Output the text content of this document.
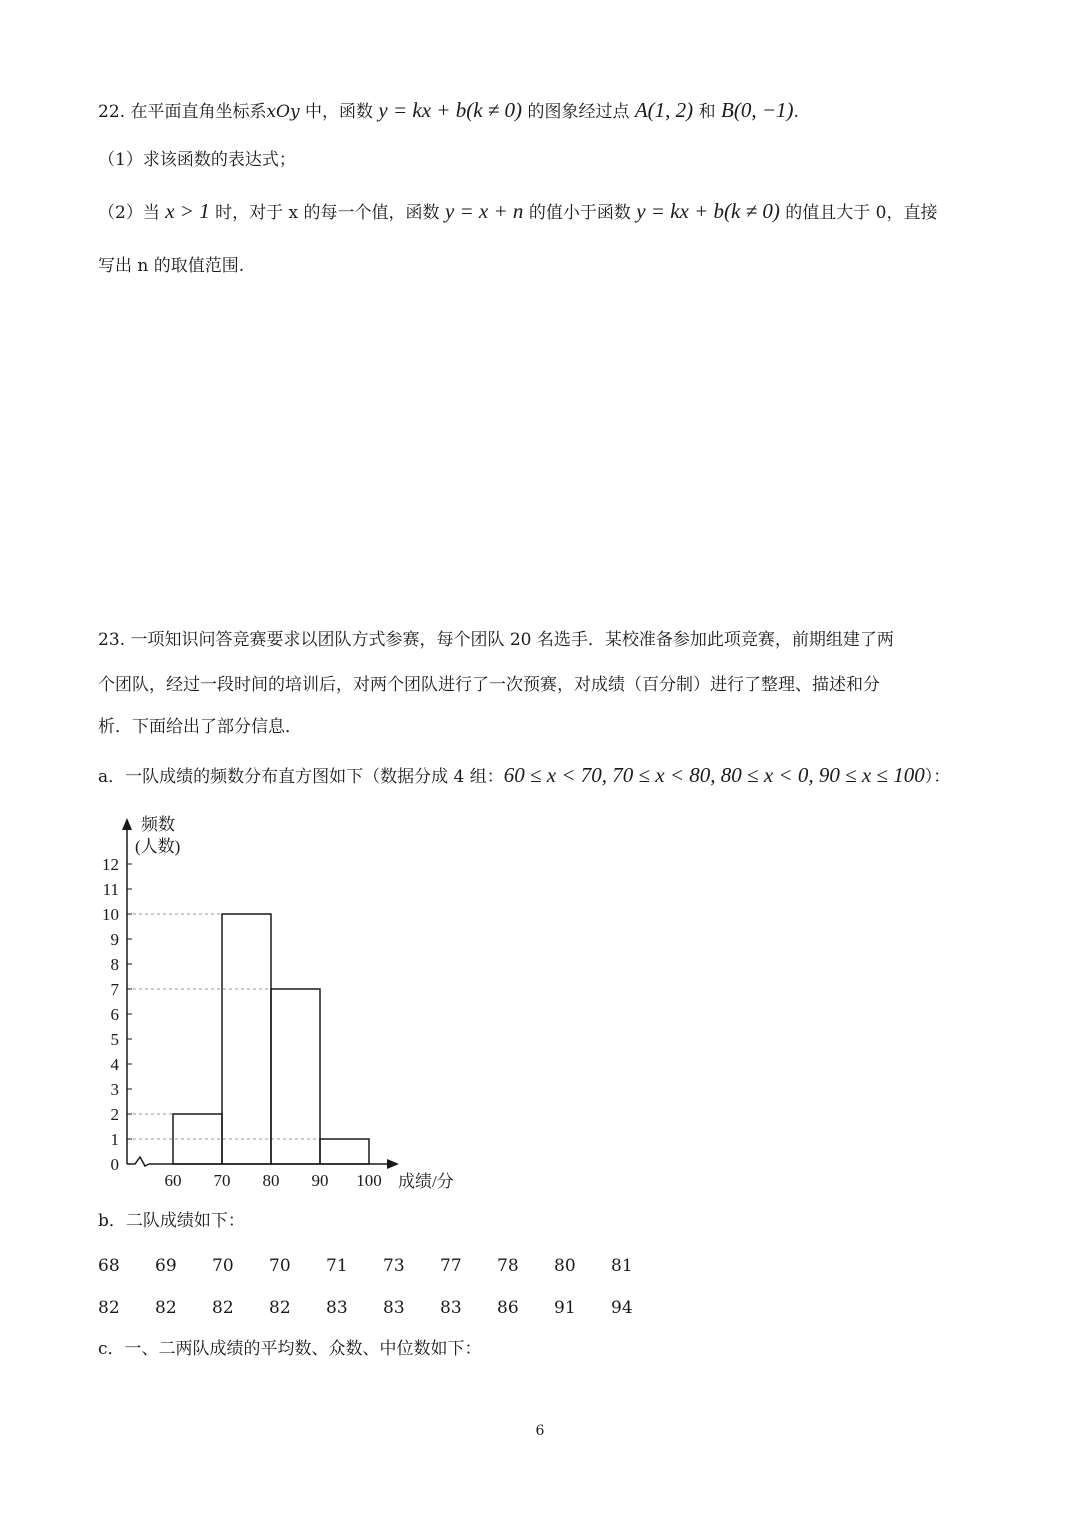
22. 在平面直角坐标系xOy 中，函数 y = kx + b(k ≠ 0) 的图象经过点 A(1, 2) 和 B(0, −1).
（1）求该函数的表达式；
（2）当 x > 1 时，对于 x 的每一个值，函数 y = x + n 的值小于函数 y = kx + b(k ≠ 0) 的值且大于 0，直接
写出 n 的取值范围.
23. 一项知识问答竞赛要求以团队方式参赛，每个团队 20 名选手．某校准备参加此项竞赛，前期组建了两
个团队，经过一段时间的培训后，对两个团队进行了一次预赛，对成绩（百分制）进行了整理、描述和分
析．下面给出了部分信息．
a．一队成绩的频数分布直方图如下（数据分成 4 组：60 ≤ x < 70, 70 ≤ x < 80, 80 ≤ x < 0, 90 ≤ x ≤ 100）：
0
1
2
3
4
5
6
7
8
9
10
11
12
60 70 80 90 100
频数
(人数)
成绩/分
b．二队成绩如下：
68	69	70	70	71	73	77	78	80	81
82	82	82	82	83	83	83	86	91	94
c．一、二两队成绩的平均数、众数、中位数如下：
6
